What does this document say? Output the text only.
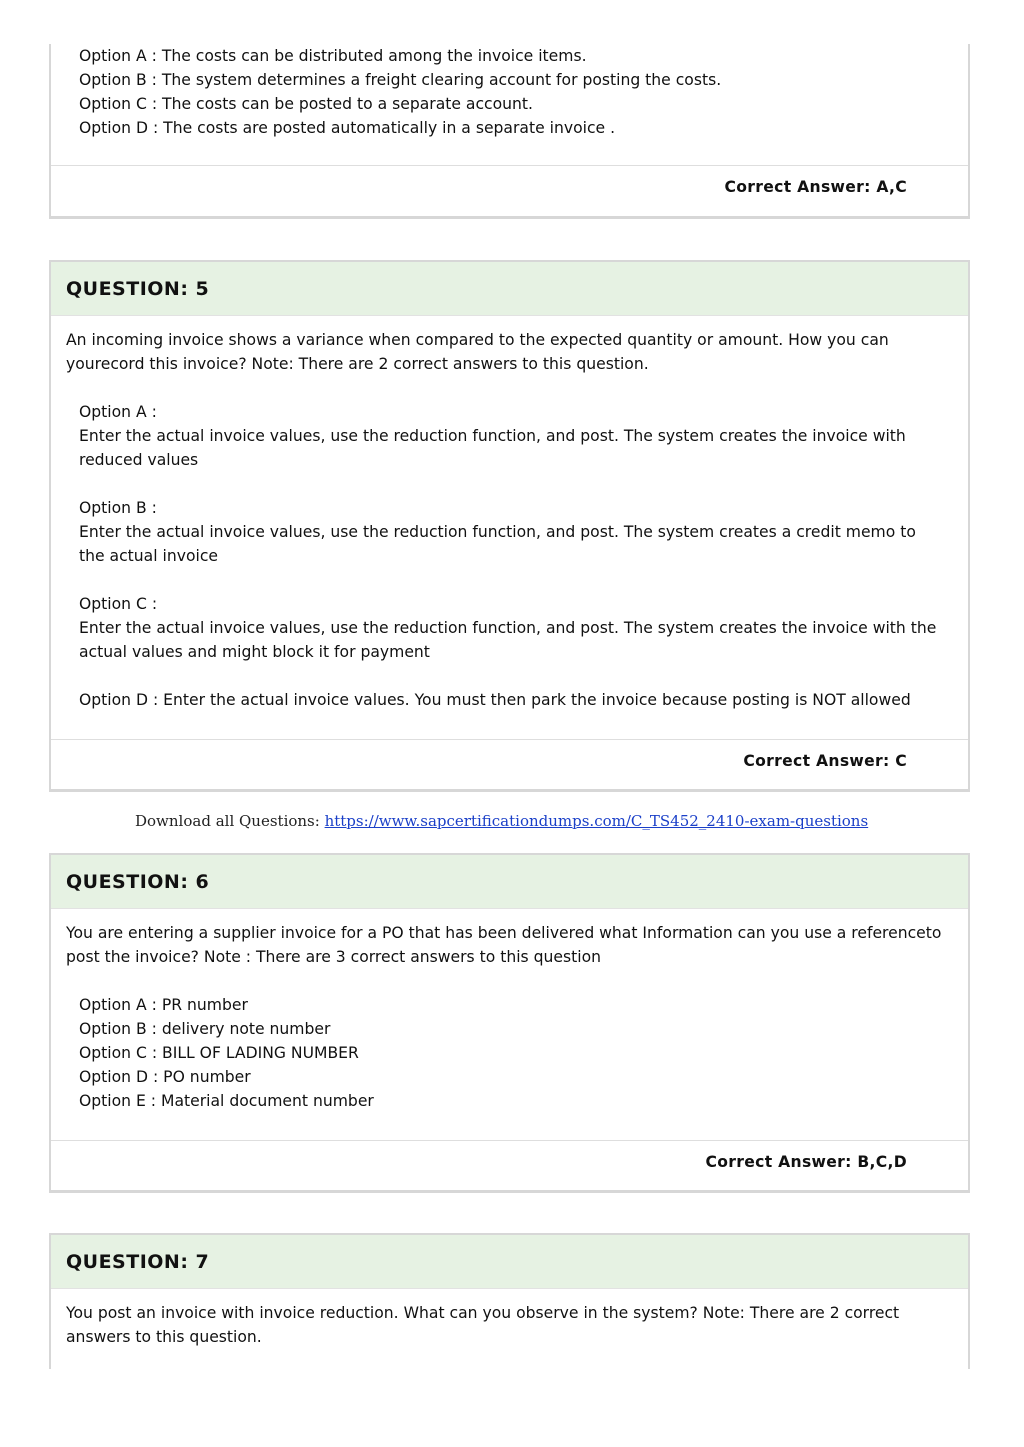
Option A : The costs can be distributed among the invoice items.
Option B : The system determines a freight clearing account for posting the costs.
Option C : The costs can be posted to a separate account.
Option D : The costs are posted automatically in a separate invoice .
Correct Answer: A,C
QUESTION: 5
An incoming invoice shows a variance when compared to the expected quantity or amount. How you can yourecord this invoice? Note: There are 2 correct answers to this question.
Option A :
Enter the actual invoice values, use the reduction function, and post. The system creates the invoice with reduced values
Option B :
Enter the actual invoice values, use the reduction function, and post. The system creates a credit memo to the actual invoice
Option C :
Enter the actual invoice values, use the reduction function, and post. The system creates the invoice with the actual values and might block it for payment
Option D : Enter the actual invoice values. You must then park the invoice because posting is NOT allowed
Correct Answer: C
Download all Questions: https://www.sapcertificationdumps.com/C_TS452_2410-exam-questions
QUESTION: 6
You are entering a supplier invoice for a PO that has been delivered what Information can you use a referenceto post the invoice? Note : There are 3 correct answers to this question
Option A : PR number
Option B : delivery note number
Option C : BILL OF LADING NUMBER
Option D : PO number
Option E : Material document number
Correct Answer: B,C,D
QUESTION: 7
You post an invoice with invoice reduction. What can you observe in the system? Note: There are 2 correct answers to this question.
